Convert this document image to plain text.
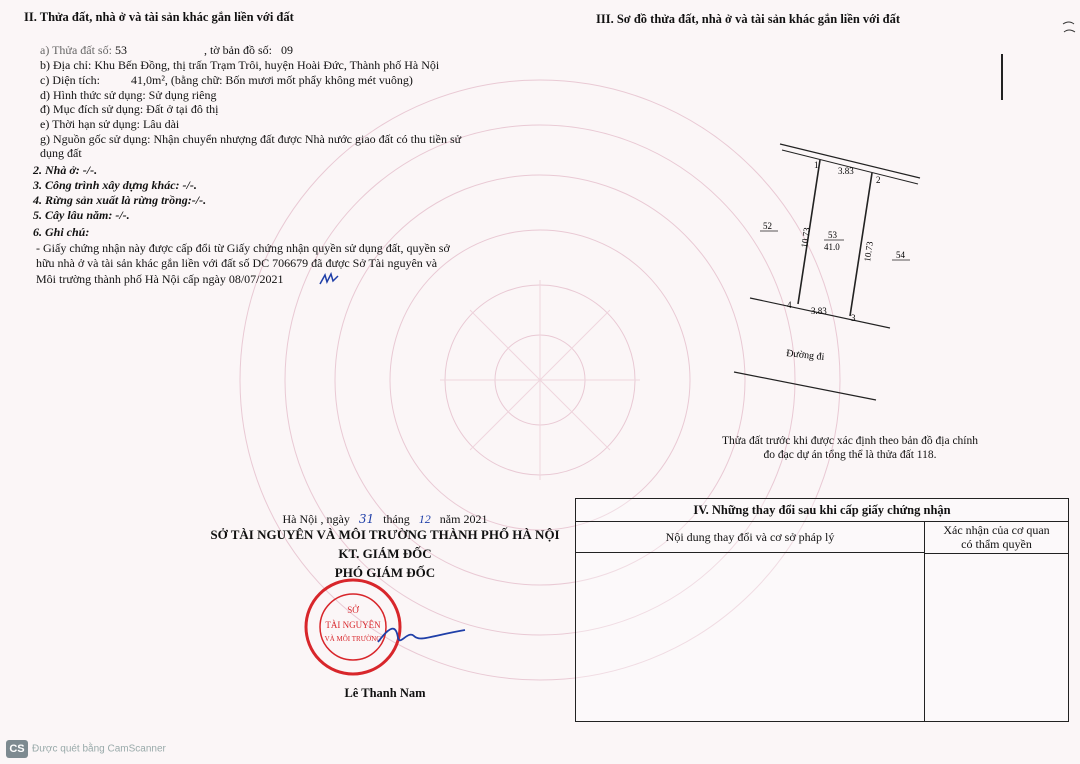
II. Thửa đất, nhà ở và tài sản khác gắn liền với đất
a) Thửa đất số: 53	, tờ bản đồ số: 09
b) Địa chỉ: Khu Bến Đồng, thị trấn Trạm Trôi, huyện Hoài Đức, Thành phố Hà Nội
c) Diện tích:	41,0m², (bằng chữ: Bốn mươi mốt phẩy không mét vuông)
d) Hình thức sử dụng: Sử dụng riêng
đ) Mục đích sử dụng: Đất ở tại đô thị
e) Thời hạn sử dụng: Lâu dài
g) Nguồn gốc sử dụng: Nhận chuyển nhượng đất được Nhà nước giao đất có thu tiền sử
dụng đất
2. Nhà ở: -/-.
3. Công trình xây dựng khác: -/-.
4. Rừng sản xuất là rừng trồng:-/-.
5. Cây lâu năm: -/-.
6. Ghi chú:
- Giấy chứng nhận này được cấp đổi từ Giấy chứng nhận quyền sử dụng đất, quyền sở
hữu nhà ở và tài sản khác gắn liền với đất số DC 706679 đã được Sở Tài nguyên và
Môi trường thành phố Hà Nội cấp ngày 08/07/2021
III. Sơ đồ thửa đất, nhà ở và tài sản khác gắn liền với đất
1
2
3
4
3.83
3.83
10.73
10.73
53
41.0
52
54
Đường đi
Thửa đất trước khi được xác định theo bản đồ địa chính
đo đạc dự án tổng thể là thửa đất 118.
Hà Nội , ngày 31 tháng 12 năm 2021
SỞ TÀI NGUYÊN VÀ MÔI TRƯỜNG THÀNH PHỐ HÀ NỘI
KT. GIÁM ĐỐC
PHÓ GIÁM ĐỐC
SỞ
TÀI NGUYÊN
VÀ MÔI TRƯỜNG
Lê Thanh Nam
IV. Những thay đổi sau khi cấp giấy chứng nhận
Nội dung thay đổi và cơ sở pháp lý	Xác nhận của cơ quan
có thẩm quyền
CS Được quét bằng CamScanner
